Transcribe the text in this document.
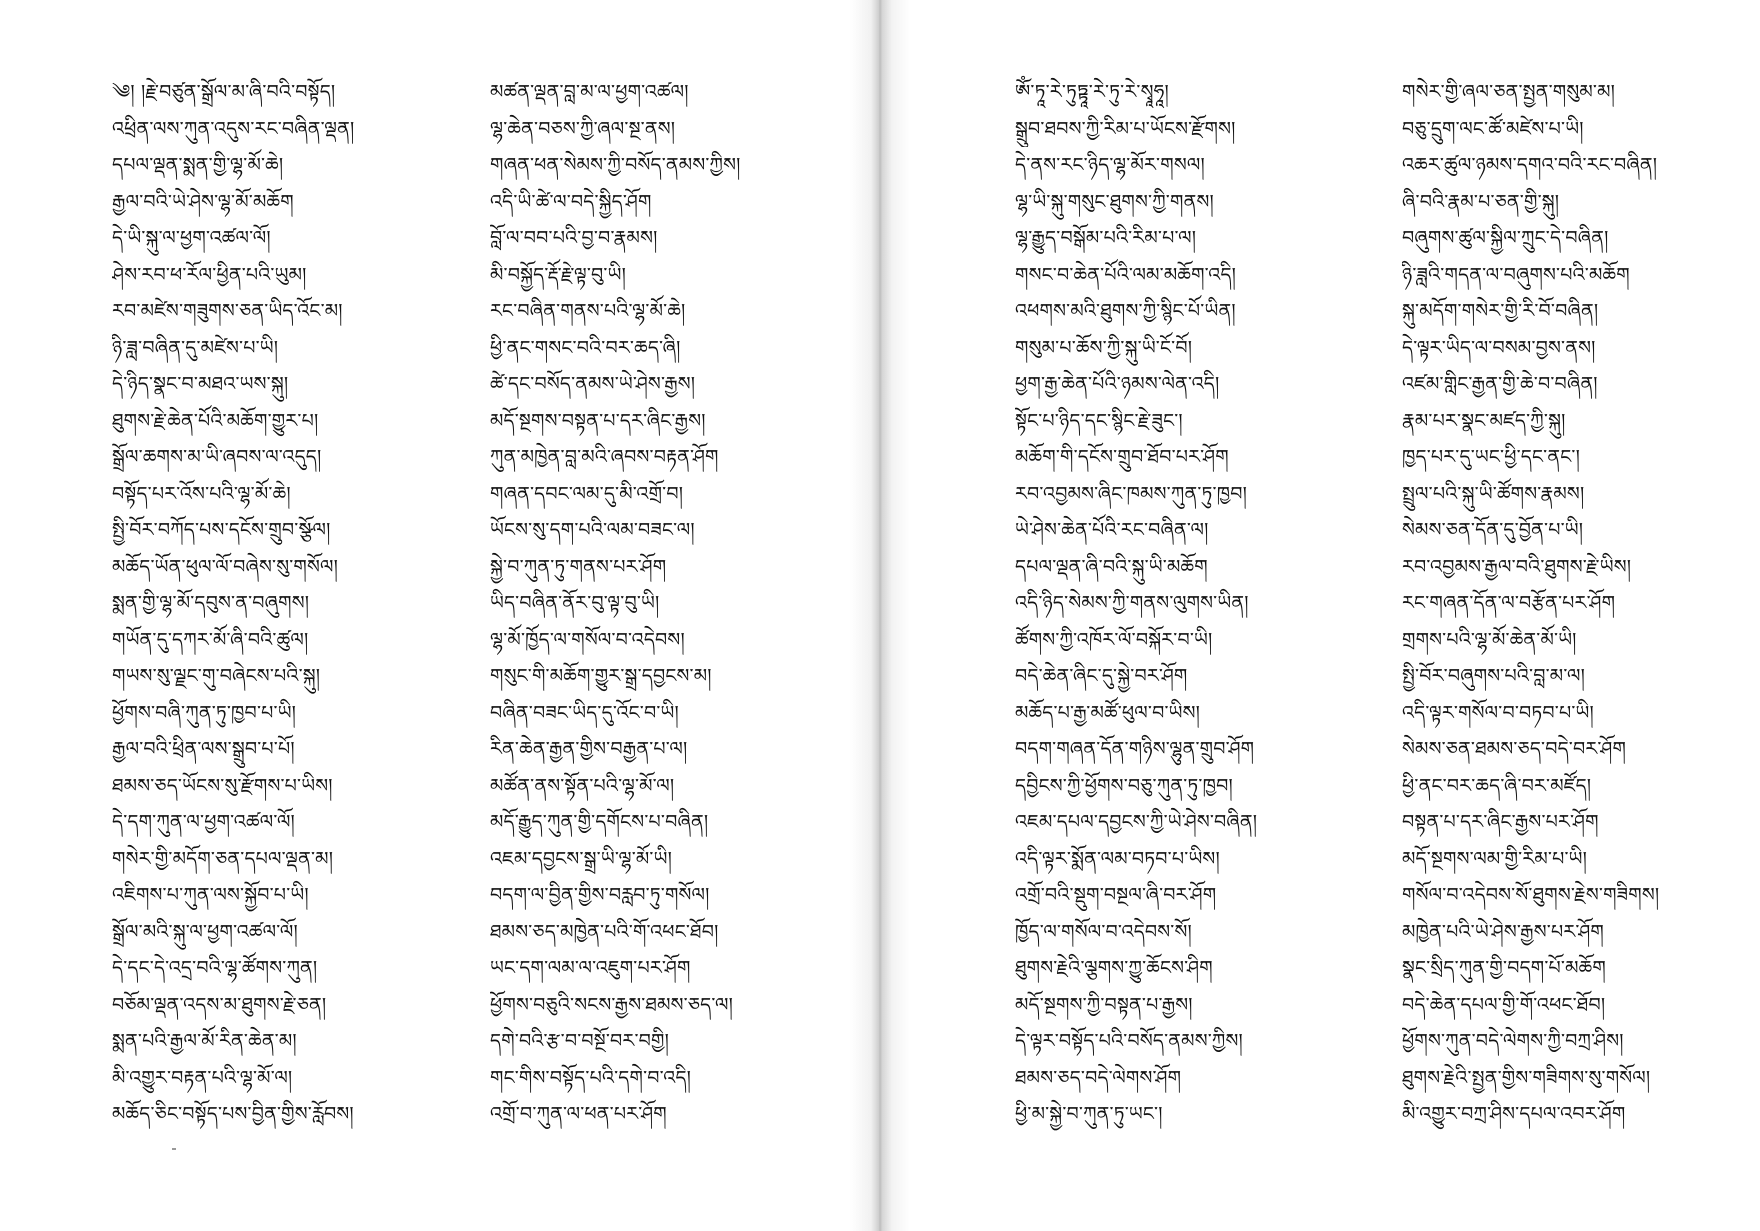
༄། །རྗེ་བཙུན་སྒྲོལ་མ་ཞི་བའི་བསྟོད།
འཕྲིན་ལས་ཀུན་འདུས་རང་བཞིན་ལྡན།
དཔལ་ལྡན་སྨན་གྱི་ལྷ་མོ་ཆེ།
རྒྱལ་བའི་ཡེ་ཤེས་ལྷ་མོ་མཆོག
དེ་ཡི་སྐུ་ལ་ཕྱག་འཚལ་ལོ།
ཤེས་རབ་ཕ་རོལ་ཕྱིན་པའི་ཡུམ།
རབ་མཛེས་གཟུགས་ཅན་ཡིད་འོང་མ།
ཉི་ཟླ་བཞིན་དུ་མཛེས་པ་ཡི།
དེ་ཉིད་སྣང་བ་མཐའ་ཡས་སྐུ།
ཐུགས་རྗེ་ཆེན་པོའི་མཆོག་གྱུར་པ།
སྒྲོལ་ཆགས་མ་ཡི་ཞབས་ལ་འདུད།
བསྟོད་པར་འོས་པའི་ལྷ་མོ་ཆེ།
སྤྱི་བོར་བཀོད་པས་དངོས་གྲུབ་སྩོལ།
མཆོད་ཡོན་ཕུལ་ལོ་བཞེས་སུ་གསོལ།
སྨན་གྱི་ལྷ་མོ་དབུས་ན་བཞུགས།
གཡོན་དུ་དཀར་མོ་ཞི་བའི་ཚུལ།
གཡས་སུ་ལྗང་གུ་བཞེངས་པའི་སྐུ།
ཕྱོགས་བཞི་ཀུན་ཏུ་ཁྱབ་པ་ཡི།
རྒྱལ་བའི་ཕྲིན་ལས་སྒྲུབ་པ་པོ།
ཐམས་ཅད་ཡོངས་སུ་རྫོགས་པ་ཡིས།
དེ་དག་ཀུན་ལ་ཕྱག་འཚལ་ལོ།
གསེར་གྱི་མདོག་ཅན་དཔལ་ལྡན་མ།
འཇིགས་པ་ཀུན་ལས་སྐྱོབ་པ་ཡི།
སྒྲོལ་མའི་སྐུ་ལ་ཕྱག་འཚལ་ལོ།
དེ་དང་དེ་འདྲ་བའི་ལྷ་ཚོགས་ཀུན།
བཅོམ་ལྡན་འདས་མ་ཐུགས་རྗེ་ཅན།
སྨན་པའི་རྒྱལ་མོ་རིན་ཆེན་མ།
མི་འགྱུར་བརྟན་པའི་ལྷ་མོ་ལ།
མཆོད་ཅིང་བསྟོད་པས་བྱིན་གྱིས་རློབས།
མཚན་ལྡན་བླ་མ་ལ་ཕྱག་འཚལ།
ལྷ་ཆེན་བཅས་ཀྱི་ཞལ་སྔ་ནས།
གཞན་ཕན་སེམས་ཀྱི་བསོད་ནམས་ཀྱིས།
འདི་ཡི་ཚེ་ལ་བདེ་སྐྱིད་ཤོག
བློ་ལ་བབ་པའི་བྱ་བ་རྣམས།
མི་བསྐྱོད་རྡོ་རྗེ་ལྟ་བུ་ཡི།
རང་བཞིན་གནས་པའི་ལྷ་མོ་ཆེ།
ཕྱི་ནང་གསང་བའི་བར་ཆད་ཞི།
ཚེ་དང་བསོད་ནམས་ཡེ་ཤེས་རྒྱས།
མདོ་སྔགས་བསྟན་པ་དར་ཞིང་རྒྱས།
ཀུན་མཁྱེན་བླ་མའི་ཞབས་བརྟན་ཤོག
གཞན་དབང་ལམ་དུ་མི་འགྲོ་བ།
ཡོངས་སུ་དག་པའི་ལམ་བཟང་ལ།
སྐྱེ་བ་ཀུན་ཏུ་གནས་པར་ཤོག
ཡིད་བཞིན་ནོར་བུ་ལྟ་བུ་ཡི།
ལྷ་མོ་ཁྱོད་ལ་གསོལ་བ་འདེབས།
གསུང་གི་མཆོག་གྱུར་སྒྲ་དབྱངས་མ།
བཞིན་བཟང་ཡིད་དུ་འོང་བ་ཡི།
རིན་ཆེན་རྒྱན་གྱིས་བརྒྱན་པ་ལ།
མཚོན་ནས་སྟོན་པའི་ལྷ་མོ་ལ།
མདོ་རྒྱུད་ཀུན་གྱི་དགོངས་པ་བཞིན།
འཇམ་དབྱངས་སྒྲ་ཡི་ལྷ་མོ་ཡི།
བདག་ལ་བྱིན་གྱིས་བརླབ་ཏུ་གསོལ།
ཐམས་ཅད་མཁྱེན་པའི་གོ་འཕང་ཐོབ།
ཡང་དག་ལམ་ལ་འཇུག་པར་ཤོག
ཕྱོགས་བཅུའི་སངས་རྒྱས་ཐམས་ཅད་ལ།
དགེ་བའི་རྩ་བ་བསྔོ་བར་བགྱི།
གང་གིས་བསྟོད་པའི་དགེ་བ་འདི།
འགྲོ་བ་ཀུན་ལ་ཕན་པར་ཤོག
ཨོཾ་ཏཱ་རེ་ཏུཏྟཱ་རེ་ཏུ་རེ་སྭཱཧཱ།
སྒྲུབ་ཐབས་ཀྱི་རིམ་པ་ཡོངས་རྫོགས།
དེ་ནས་རང་ཉིད་ལྷ་མོར་གསལ།
ལྷ་ཡི་སྐུ་གསུང་ཐུགས་ཀྱི་གནས།
ལྷ་རྒྱུད་བསྒོམ་པའི་རིམ་པ་ལ།
གསང་བ་ཆེན་པོའི་ལམ་མཆོག་འདི།
འཕགས་མའི་ཐུགས་ཀྱི་སྙིང་པོ་ཡིན།
གསུམ་པ་ཆོས་ཀྱི་སྐུ་ཡི་ངོ་བོ།
ཕྱག་རྒྱ་ཆེན་པོའི་ཉམས་ལེན་འདི།
སྟོང་པ་ཉིད་དང་སྙིང་རྗེ་ཟུང་།
མཆོག་གི་དངོས་གྲུབ་ཐོབ་པར་ཤོག
རབ་འབྱམས་ཞིང་ཁམས་ཀུན་ཏུ་ཁྱབ།
ཡེ་ཤེས་ཆེན་པོའི་རང་བཞིན་ལ།
དཔལ་ལྡན་ཞི་བའི་སྐུ་ཡི་མཆོག
འདི་ཉིད་སེམས་ཀྱི་གནས་ལུགས་ཡིན།
ཚོགས་ཀྱི་འཁོར་ལོ་བསྐོར་བ་ཡི།
བདེ་ཆེན་ཞིང་དུ་སྐྱེ་བར་ཤོག
མཆོད་པ་རྒྱ་མཚོ་ཕུལ་བ་ཡིས།
བདག་གཞན་དོན་གཉིས་ལྷུན་གྲུབ་ཤོག
དབྱིངས་ཀྱི་ཕྱོགས་བཅུ་ཀུན་ཏུ་ཁྱབ།
འཇམ་དཔལ་དབྱངས་ཀྱི་ཡེ་ཤེས་བཞིན།
འདི་ལྟར་སྨོན་ལམ་བཏབ་པ་ཡིས།
འགྲོ་བའི་སྡུག་བསྔལ་ཞི་བར་ཤོག
ཁྱོད་ལ་གསོལ་བ་འདེབས་སོ།
ཐུགས་རྗེའི་ལྕགས་ཀྱུ་ཆོངས་ཤིག
མདོ་སྔགས་ཀྱི་བསྟན་པ་རྒྱས།
དེ་ལྟར་བསྟོད་པའི་བསོད་ནམས་ཀྱིས།
ཐམས་ཅད་བདེ་ལེགས་ཤོག
ཕྱི་མ་སྐྱེ་བ་ཀུན་ཏུ་ཡང་།
གསེར་གྱི་ཞལ་ཅན་སྤྱན་གསུམ་མ།
བཅུ་དྲུག་ལང་ཚོ་མཛེས་པ་ཡི།
འཆར་ཚུལ་ཉམས་དགའ་བའི་རང་བཞིན།
ཞི་བའི་རྣམ་པ་ཅན་གྱི་སྐུ།
བཞུགས་ཚུལ་སྐྱིལ་ཀྲུང་དེ་བཞིན།
ཉི་ཟླའི་གདན་ལ་བཞུགས་པའི་མཆོག
སྐུ་མདོག་གསེར་གྱི་རི་བོ་བཞིན།
དེ་ལྟར་ཡིད་ལ་བསམ་བྱས་ནས།
འཛམ་གླིང་རྒྱན་གྱི་ཆེ་བ་བཞིན།
རྣམ་པར་སྣང་མཛད་ཀྱི་སྐུ།
ཁྱད་པར་དུ་ཡང་ཕྱི་དང་ནང་།
སྤྲུལ་པའི་སྐུ་ཡི་ཚོགས་རྣམས།
སེམས་ཅན་དོན་དུ་བྱོན་པ་ཡི།
རབ་འབྱམས་རྒྱལ་བའི་ཐུགས་རྗེ་ཡིས།
རང་གཞན་དོན་ལ་བརྩོན་པར་ཤོག
གྲགས་པའི་ལྷ་མོ་ཆེན་མོ་ཡི།
སྤྱི་བོར་བཞུགས་པའི་བླ་མ་ལ།
འདི་ལྟར་གསོལ་བ་བཏབ་པ་ཡི།
སེམས་ཅན་ཐམས་ཅད་བདེ་བར་ཤོག
ཕྱི་ནང་བར་ཆད་ཞི་བར་མཛོད།
བསྟན་པ་དར་ཞིང་རྒྱས་པར་ཤོག
མདོ་སྔགས་ལམ་གྱི་རིམ་པ་ཡི།
གསོལ་བ་འདེབས་སོ་ཐུགས་རྗེས་གཟིགས།
མཁྱེན་པའི་ཡེ་ཤེས་རྒྱས་པར་ཤོག
སྣང་སྲིད་ཀུན་གྱི་བདག་པོ་མཆོག
བདེ་ཆེན་དཔལ་གྱི་གོ་འཕང་ཐོབ།
ཕྱོགས་ཀུན་བདེ་ལེགས་ཀྱི་བཀྲ་ཤིས།
ཐུགས་རྗེའི་སྤྱན་གྱིས་གཟིགས་སུ་གསོལ།
མི་འགྱུར་བཀྲ་ཤིས་དཔལ་འབར་ཤོག
